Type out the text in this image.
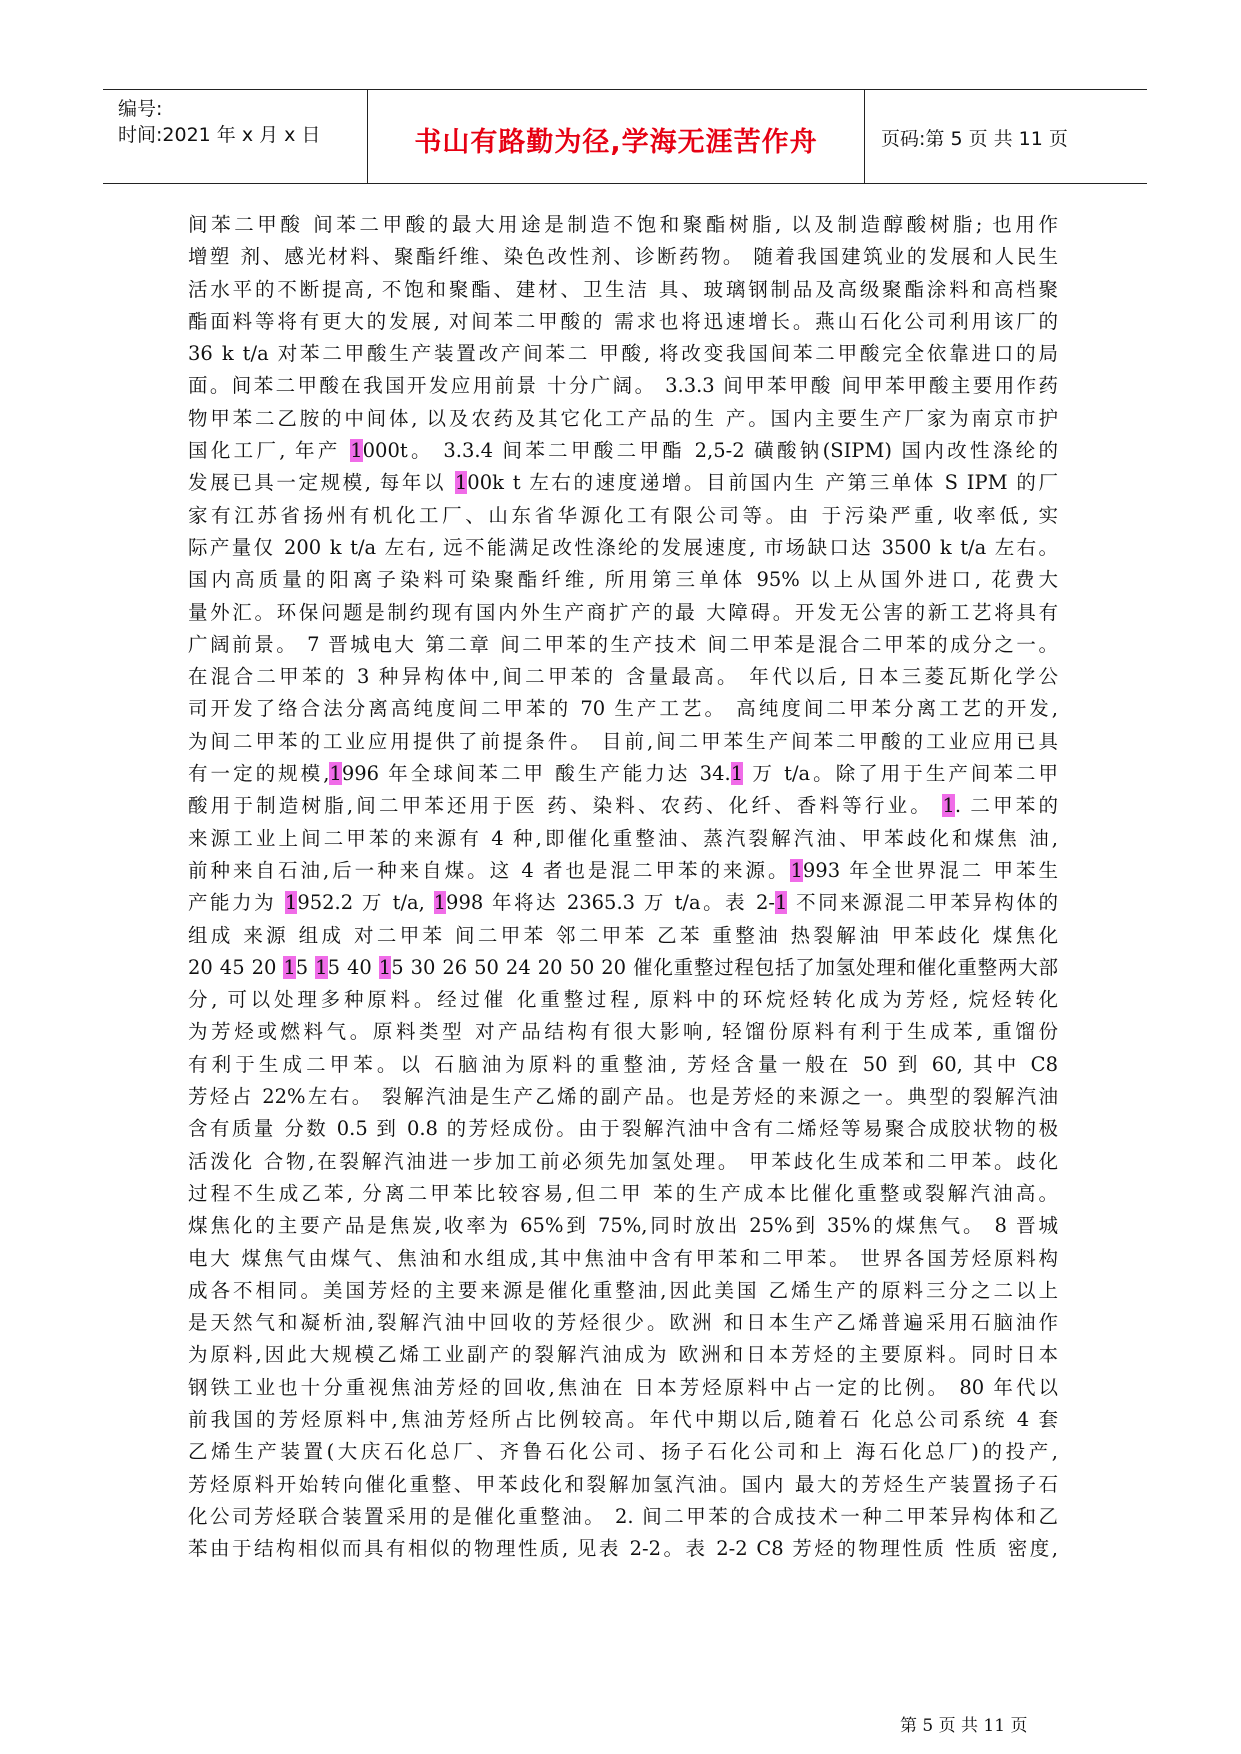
编号:
时间:2021 年 x 月 x 日	书山有路勤为径,学海无涯苦作舟	页码:第 5 页 共 11 页
间苯二甲酸 间苯二甲酸的最大用途是制造不饱和聚酯树脂, 以及制造醇酸树脂; 也用作
增塑 剂、感光材料、聚酯纤维、染色改性剂、诊断药物。 随着我国建筑业的发展和人民生
活水平的不断提高, 不饱和聚酯、建材、卫生洁 具、玻璃钢制品及高级聚酯涂料和高档聚
酯面料等将有更大的发展, 对间苯二甲酸的 需求也将迅速增长。燕山石化公司利用该厂的
36 k t/a 对苯二甲酸生产装置改产间苯二 甲酸, 将改变我国间苯二甲酸完全依靠进口的局
面。间苯二甲酸在我国开发应用前景 十分广阔。 3.3.3 间甲苯甲酸 间甲苯甲酸主要用作药
物甲苯二乙胺的中间体, 以及农药及其它化工产品的生 产。国内主要生产厂家为南京市护
国化工厂, 年产 1000t。 3.3.4 间苯二甲酸二甲酯 2,5-2 磺酸钠(SIPM) 国内改性涤纶的
发展已具一定规模, 每年以 100k t 左右的速度递增。目前国内生 产第三单体 S IPM 的厂
家有江苏省扬州有机化工厂、山东省华源化工有限公司等。由 于污染严重, 收率低, 实
际产量仅 200 k t/a 左右, 远不能满足改性涤纶的发展速度, 市场缺口达 3500 k t/a 左右。
国内高质量的阳离子染料可染聚酯纤维, 所用第三单体 95% 以上从国外进口, 花费大
量外汇。环保问题是制约现有国内外生产商扩产的最 大障碍。开发无公害的新工艺将具有
广阔前景。 7 晋城电大 第二章 间二甲苯的生产技术 间二甲苯是混合二甲苯的成分之一。
在混合二甲苯的 3 种异构体中,间二甲苯的 含量最高。 年代以后, 日本三菱瓦斯化学公
司开发了络合法分离高纯度间二甲苯的 70 生产工艺。 高纯度间二甲苯分离工艺的开发,
为间二甲苯的工业应用提供了前提条件。 目前,间二甲苯生产间苯二甲酸的工业应用已具
有一定的规模,1996 年全球间苯二甲 酸生产能力达 34.1 万 t/a。除了用于生产间苯二甲
酸用于制造树脂,间二甲苯还用于医 药、染料、农药、化纤、香料等行业。 1. 二甲苯的
来源工业上间二甲苯的来源有 4 种,即催化重整油、蒸汽裂解汽油、甲苯歧化和煤焦 油,
前种来自石油,后一种来自煤。这 4 者也是混二甲苯的来源。1993 年全世界混二 甲苯生
产能力为 1952.2 万 t/a, 1998 年将达 2365.3 万 t/a。表 2-1 不同来源混二甲苯异构体的
组成 来源 组成 对二甲苯 间二甲苯 邻二甲苯 乙苯 重整油 热裂解油 甲苯歧化 煤焦化
20 45 20 15 15 40 15 30 26 50 24 20 50 20 催化重整过程包括了加氢处理和催化重整两大部
分, 可以处理多种原料。经过催 化重整过程, 原料中的环烷烃转化成为芳烃, 烷烃转化
为芳烃或燃料气。原料类型 对产品结构有很大影响, 轻馏份原料有利于生成苯, 重馏份
有利于生成二甲苯。以 石脑油为原料的重整油, 芳烃含量一般在 50 到 60, 其中 C8
芳烃占 22%左右。 裂解汽油是生产乙烯的副产品。也是芳烃的来源之一。典型的裂解汽油
含有质量 分数 0.5 到 0.8 的芳烃成份。由于裂解汽油中含有二烯烃等易聚合成胶状物的极
活泼化 合物,在裂解汽油进一步加工前必须先加氢处理。 甲苯歧化生成苯和二甲苯。歧化
过程不生成乙苯, 分离二甲苯比较容易,但二甲 苯的生产成本比催化重整或裂解汽油高。
煤焦化的主要产品是焦炭,收率为 65%到 75%,同时放出 25%到 35%的煤焦气。 8 晋城
电大 煤焦气由煤气、焦油和水组成,其中焦油中含有甲苯和二甲苯。 世界各国芳烃原料构
成各不相同。美国芳烃的主要来源是催化重整油,因此美国 乙烯生产的原料三分之二以上
是天然气和凝析油,裂解汽油中回收的芳烃很少。欧洲 和日本生产乙烯普遍采用石脑油作
为原料,因此大规模乙烯工业副产的裂解汽油成为 欧洲和日本芳烃的主要原料。同时日本
钢铁工业也十分重视焦油芳烃的回收,焦油在 日本芳烃原料中占一定的比例。 80 年代以
前我国的芳烃原料中,焦油芳烃所占比例较高。年代中期以后,随着石 化总公司系统 4 套
乙烯生产装置(大庆石化总厂、齐鲁石化公司、扬子石化公司和上 海石化总厂)的投产,
芳烃原料开始转向催化重整、甲苯歧化和裂解加氢汽油。国内 最大的芳烃生产装置扬子石
化公司芳烃联合装置采用的是催化重整油。 2. 间二甲苯的合成技术一种二甲苯异构体和乙
苯由于结构相似而具有相似的物理性质, 见表 2-2。表 2-2 C8 芳烃的物理性质 性质 密度,
第 5 页 共 11 页
